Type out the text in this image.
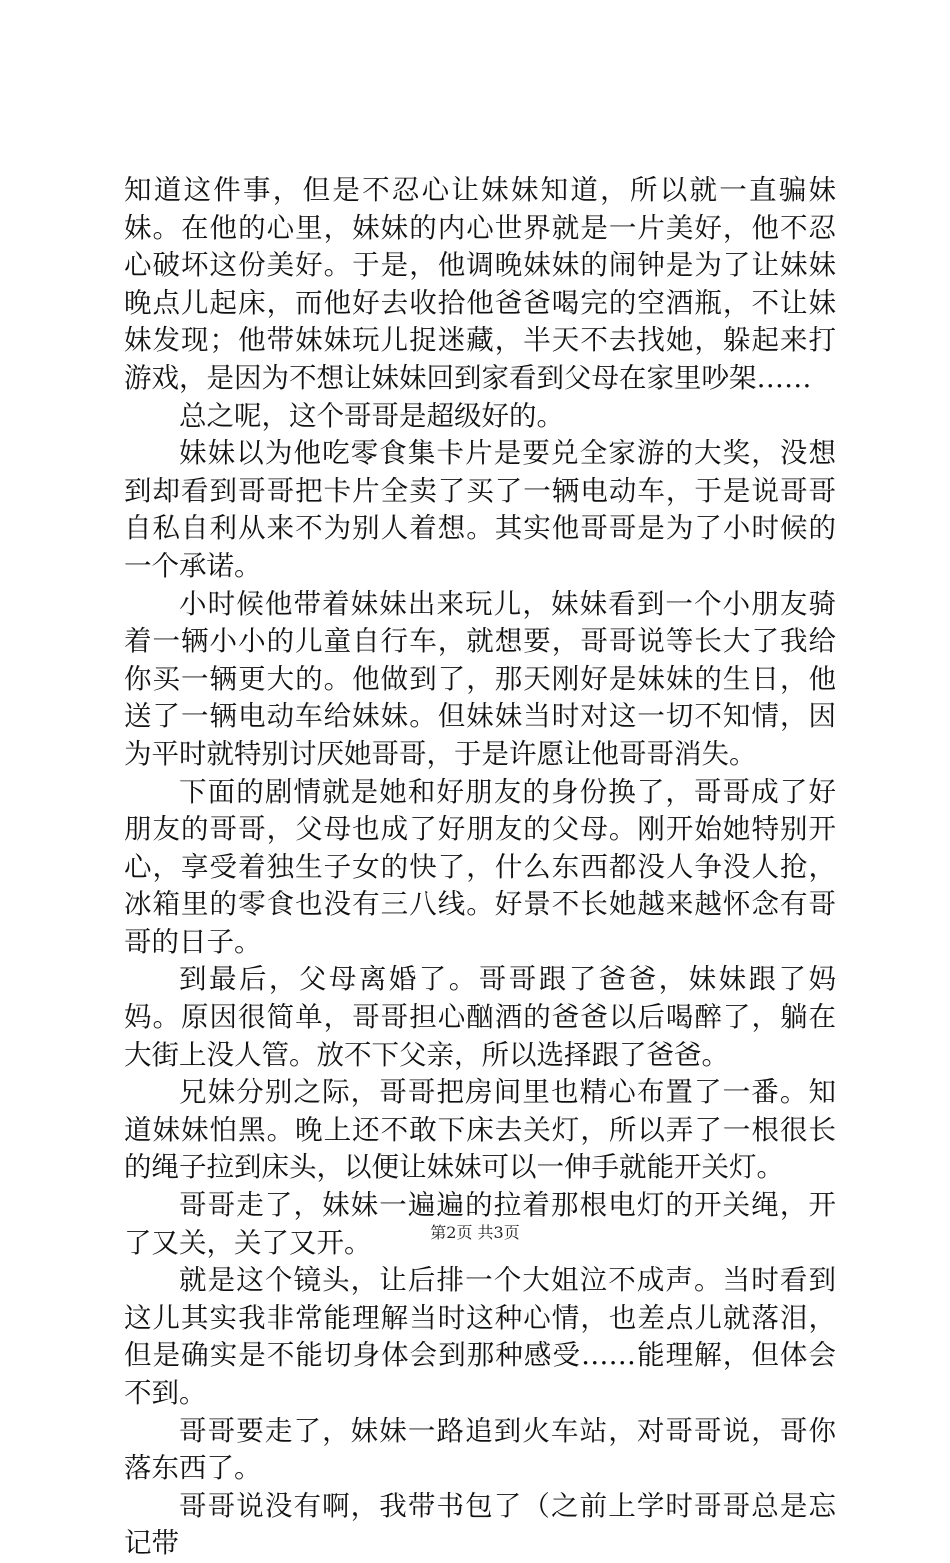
知道这件事，但是不忍心让妹妹知道，所以就一直骗妹妹。在他的心里，妹妹的内心世界就是一片美好，他不忍心破坏这份美好。于是，他调晚妹妹的闹钟是为了让妹妹晚点儿起床，而他好去收拾他爸爸喝完的空酒瓶，不让妹妹发现；他带妹妹玩儿捉迷藏，半天不去找她，躲起来打游戏，是因为不想让妹妹回到家看到父母在家里吵架……

总之呢，这个哥哥是超级好的。

妹妹以为他吃零食集卡片是要兑全家游的大奖，没想到却看到哥哥把卡片全卖了买了一辆电动车，于是说哥哥自私自利从来不为别人着想。其实他哥哥是为了小时候的一个承诺。

小时候他带着妹妹出来玩儿，妹妹看到一个小朋友骑着一辆小小的儿童自行车，就想要，哥哥说等长大了我给你买一辆更大的。他做到了，那天刚好是妹妹的生日，他送了一辆电动车给妹妹。但妹妹当时对这一切不知情，因为平时就特别讨厌她哥哥，于是许愿让他哥哥消失。

下面的剧情就是她和好朋友的身份换了，哥哥成了好朋友的哥哥，父母也成了好朋友的父母。刚开始她特别开心，享受着独生子女的快了，什么东西都没人争没人抢，冰箱里的零食也没有三八线。好景不长她越来越怀念有哥哥的日子。

到最后，父母离婚了。哥哥跟了爸爸，妹妹跟了妈妈。原因很简单，哥哥担心酗酒的爸爸以后喝醉了，躺在大街上没人管。放不下父亲，所以选择跟了爸爸。

兄妹分别之际，哥哥把房间里也精心布置了一番。知道妹妹怕黑。晚上还不敢下床去关灯，所以弄了一根很长的绳子拉到床头，以便让妹妹可以一伸手就能开关灯。

哥哥走了，妹妹一遍遍的拉着那根电灯的开关绳，开了又关，关了又开。

就是这个镜头，让后排一个大姐泣不成声。当时看到这儿其实我非常能理解当时这种心情，也差点儿就落泪，但是确实是不能切身体会到那种感受……能理解，但体会不到。

哥哥要走了，妹妹一路追到火车站，对哥哥说，哥你落东西了。

哥哥说没有啊，我带书包了（之前上学时哥哥总是忘记带

第2页 共3页
